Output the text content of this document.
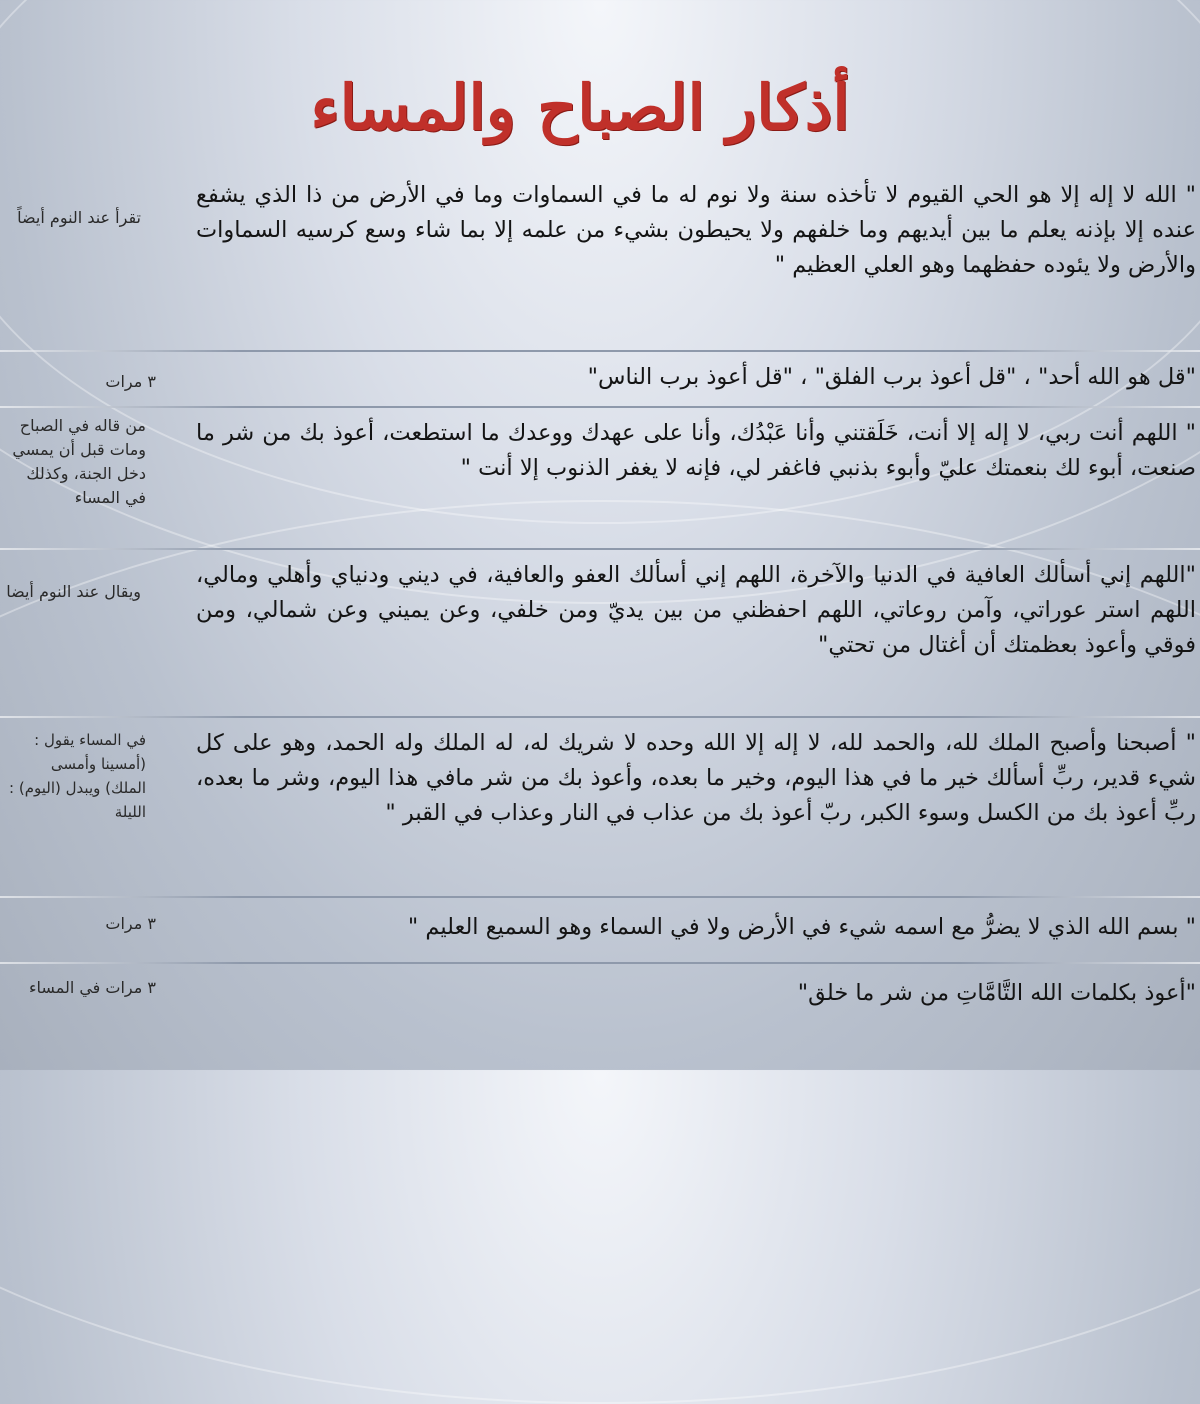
أذكار الصباح والمساء
" الله لا إله إلا هو الحي القيوم لا تأخذه سنة ولا نوم له ما في السماوات وما في الأرض من ذا الذي يشفع عنده إلا بإذنه يعلم ما بين أيديهم وما خلفهم ولا يحيطون بشيء من علمه إلا بما شاء وسع كرسيه السماوات والأرض ولا يئوده حفظهما وهو العلي العظيم "
تقرأ عند النوم أيضاً
"قل هو الله أحد" ، "قل أعوذ برب الفلق" ، "قل أعوذ برب الناس"
٣ مرات
" اللهم أنت ربي، لا إله إلا أنت، خَلَقتني وأنا عَبْدُك، وأنا على عهدك ووعدك ما استطعت، أعوذ بك من شر ما صنعت، أبوء لك بنعمتك عليّ وأبوء بذنبي فاغفر لي، فإنه لا يغفر الذنوب إلا أنت "
من قاله في الصباح ومات قبل أن يمسي دخل الجنة، وكذلك في المساء
"اللهم إني أسألك العافية في الدنيا والآخرة، اللهم إني أسألك العفو والعافية، في ديني ودنياي وأهلي ومالي، اللهم استر عوراتي، وآمن روعاتي، اللهم احفظني من بين يديّ ومن خلفي، وعن يميني وعن شمالي، ومن فوقي وأعوذ بعظمتك أن أغتال من تحتي"
ويقال عند النوم أيضا
" أصبحنا وأصبح الملك لله، والحمد لله، لا إله إلا الله وحده لا شريك له، له الملك وله الحمد، وهو على كل شيء قدير، ربِّ أسألك خير ما في هذا اليوم، وخير ما بعده، وأعوذ بك من شر مافي هذا اليوم، وشر ما بعده، ربِّ أعوذ بك من الكسل وسوء الكبر، ربّ أعوذ بك من عذاب في النار وعذاب في القبر "
في المساء يقول : (أمسينا وأمسى الملك) ويبدل (اليوم) : الليلة
" بسم الله الذي لا يضرُّ مع اسمه شيء في الأرض ولا في السماء وهو السميع العليم "
٣ مرات
"أعوذ بكلمات الله التَّامَّاتِ من شر ما خلق"
٣ مرات في المساء
